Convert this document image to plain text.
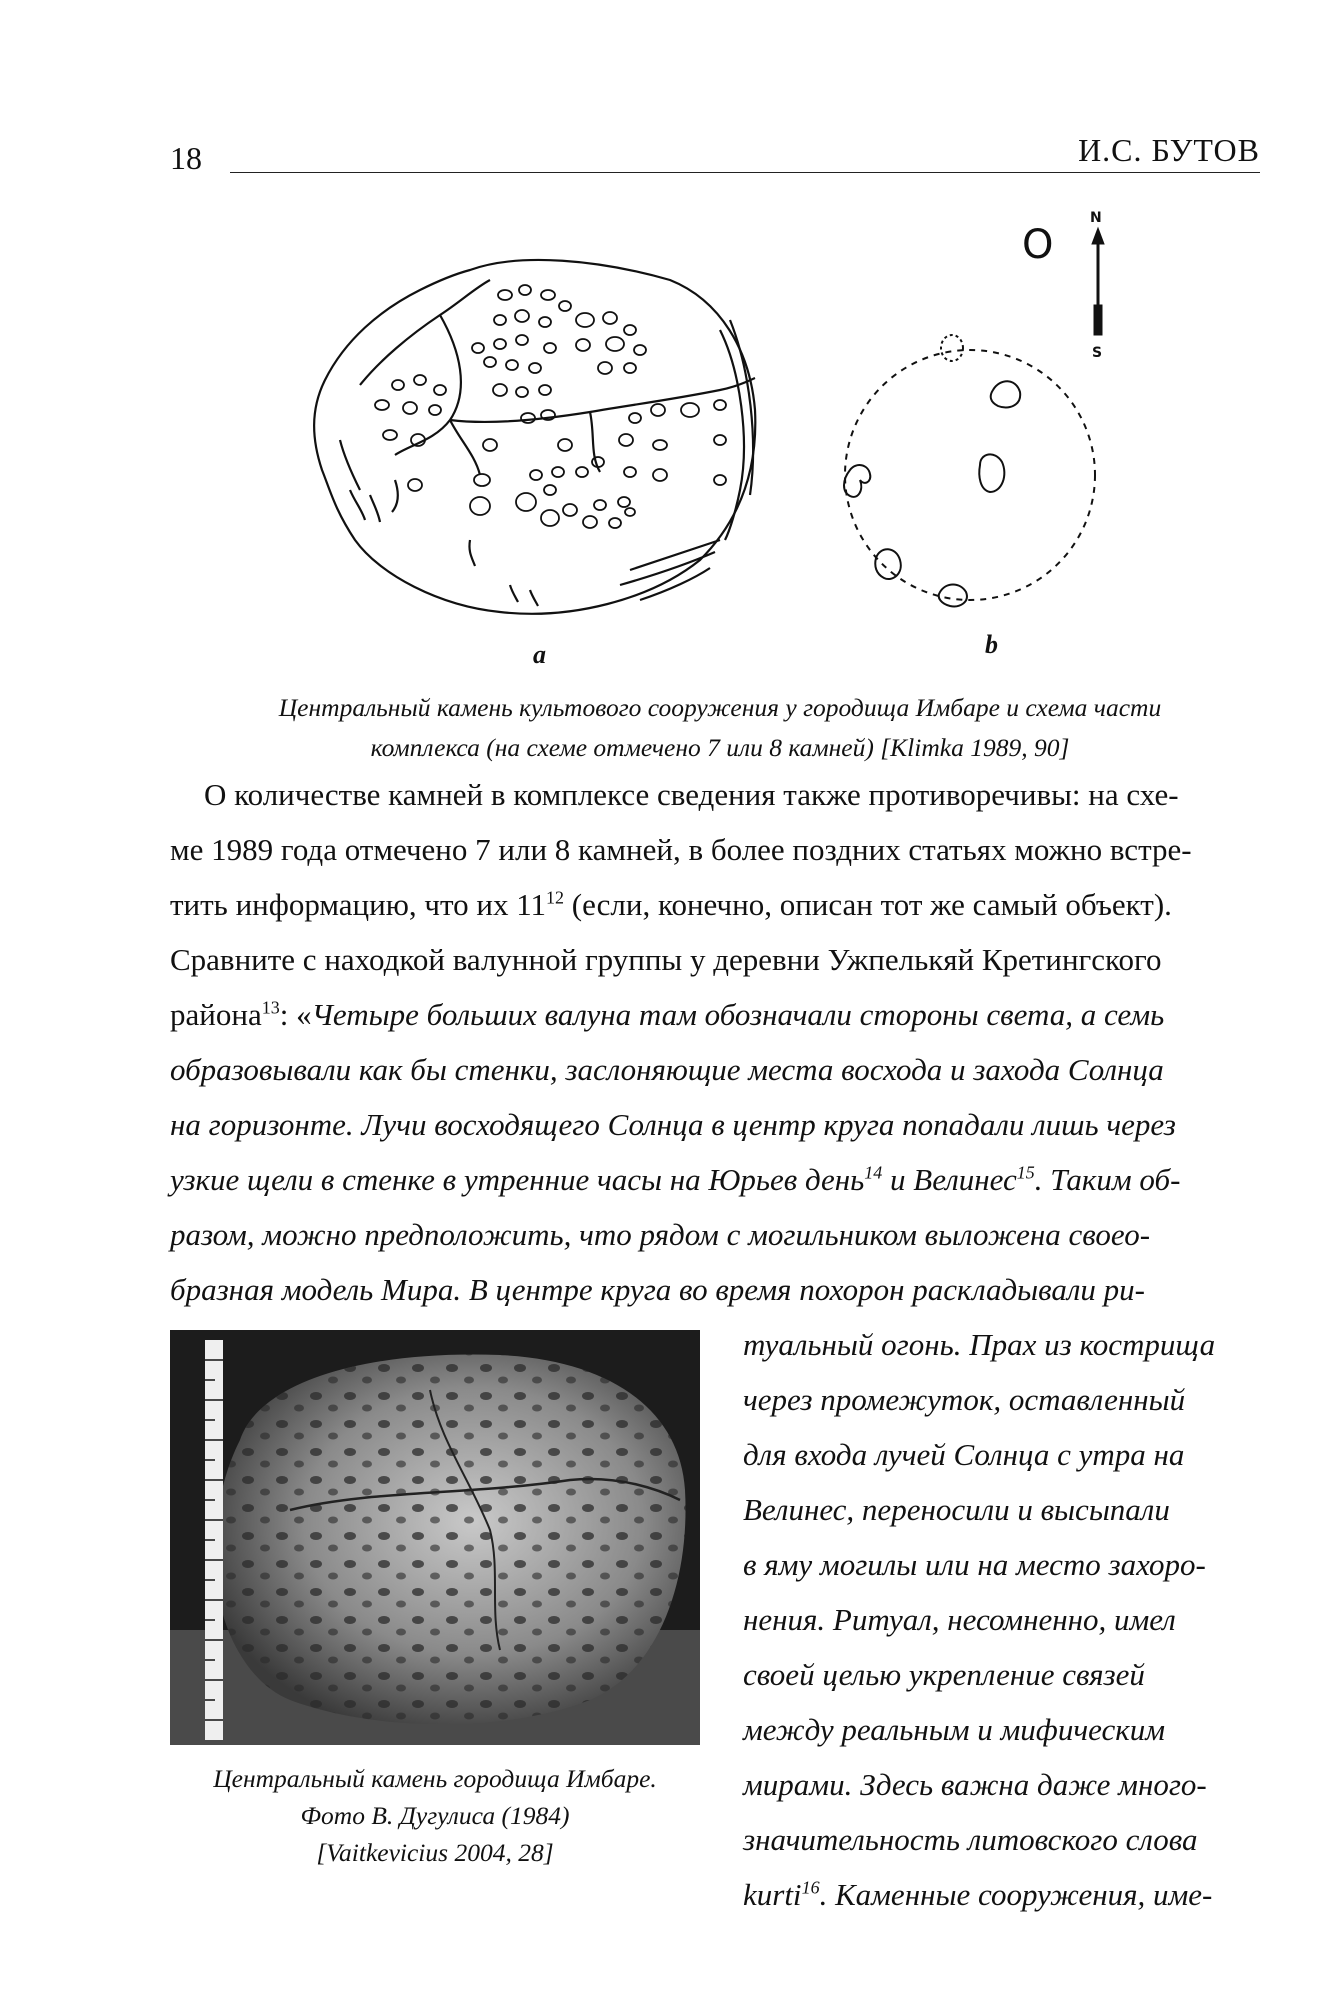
18	И.С. БУТОВ
N
S
O
a	b
Центральный камень культового сооружения у городища Имбаре и схема части
комплекса (на схеме отмечено 7 или 8 камней) [Klimka 1989, 90]
О количестве камней в комплексе сведения также противоречивы: на схе-
ме 1989 года отмечено 7 или 8 камней, в более поздних статьях можно встре-
тить информацию, что их $11^{12}$ (если, конечно, описан тот же самый объект).
Сравните с находкой валунной группы у деревни Ужпелькяй Кретингского
района$^{13}$: «Четыре больших валуна там обозначали стороны света, а семь
образовывали как бы стенки, заслоняющие места восхода и захода Солнца
на горизонте. Лучи восходящего Солнца в центр круга попадали лишь через
узкие щели в стенке в утренние часы на Юрьев день$^{14}$ и Велинес$^{15}$. Таким об-
разом, можно предположить, что рядом с могильником выложена своео-
бразная модель Мира. В центре круга во время похорон раскладывали ри-
туальный огонь. Прах из кострища
через промежуток, оставленный
для входа лучей Солнца с утра на
Велинес, переносили и высыпали
в яму могилы или на место захоро-
нения. Ритуал, несомненно, имел
своей целью укрепление связей
между реальным и мифическим
мирами. Здесь важна даже много-
значительность литовского слова
kurti$^{16}$. Каменные сооружения, име-
Центральный камень городища Имбаре.
Фото В. Дугулиса (1984)
[Vaitkevicius 2004, 28]
